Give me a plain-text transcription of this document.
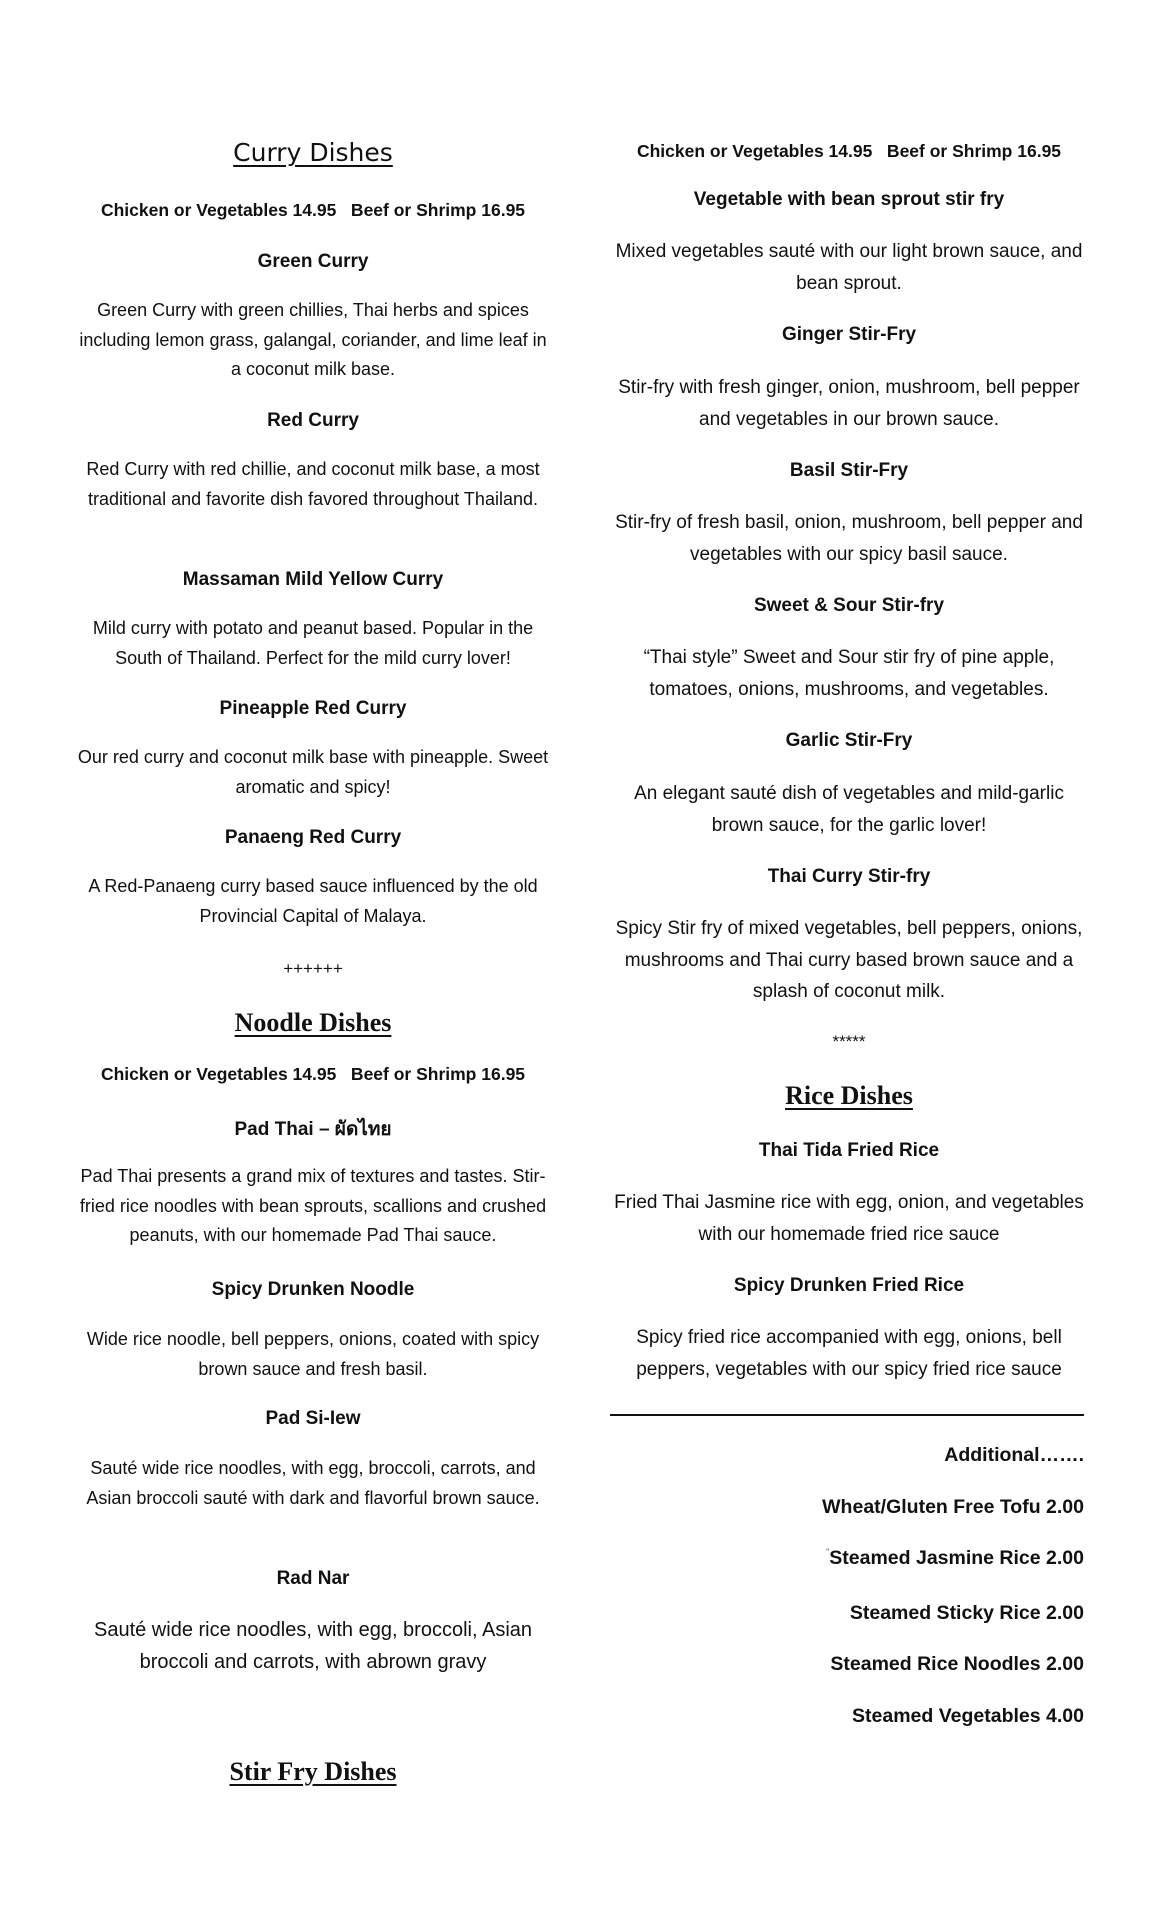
Curry Dishes

Chicken or Vegetables 14.95   Beef or Shrimp 16.95

Green Curry

Green Curry with green chillies, Thai herbs and spices including lemon grass, galangal, coriander, and lime leaf in a coconut milk base.

Red Curry

Red Curry with red chillie, and coconut milk base, a most traditional and favorite dish favored throughout Thailand.

Massaman Mild Yellow Curry

Mild curry with potato and peanut based. Popular in the South of Thailand. Perfect for the mild curry lover!

Pineapple Red Curry

Our red curry and coconut milk base with pineapple. Sweet aromatic and spicy!

Panaeng Red Curry

A Red-Panaeng curry based sauce influenced by the old Provincial Capital of Malaya.

++++++

Noodle Dishes

Chicken or Vegetables 14.95   Beef or Shrimp 16.95

Pad Thai – ผัดไทย

Pad Thai presents a grand mix of textures and tastes. Stir-fried rice noodles with bean sprouts, scallions and crushed peanuts, with our homemade Pad Thai sauce.

Spicy Drunken Noodle

Wide rice noodle, bell peppers, onions, coated with spicy brown sauce and fresh basil.

Pad Si-Iew

Sauté wide rice noodles, with egg, broccoli, carrots, and Asian broccoli sauté with dark and flavorful brown sauce.

Rad Nar

Sauté wide rice noodles, with egg, broccoli, Asian broccoli and carrots, with abrown gravy

Stir Fry Dishes

Chicken or Vegetables 14.95   Beef or Shrimp 16.95

Vegetable with bean sprout stir fry

Mixed vegetables sauté with our light brown sauce, and bean sprout.

Ginger Stir-Fry

Stir-fry with fresh ginger, onion, mushroom, bell pepper and vegetables in our brown sauce.

Basil Stir-Fry

Stir-fry of fresh basil, onion, mushroom, bell pepper and vegetables with our spicy basil sauce.

Sweet & Sour Stir-fry

“Thai style” Sweet and Sour stir fry of pine apple, tomatoes, onions, mushrooms, and vegetables.

Garlic Stir-Fry

An elegant sauté dish of vegetables and mild-garlic brown sauce, for the garlic lover!

Thai Curry Stir-fry

Spicy Stir fry of mixed vegetables, bell peppers, onions, mushrooms and Thai curry based brown sauce and a splash of coconut milk.

*****

Rice Dishes

Thai Tida Fried Rice

Fried Thai Jasmine rice with egg, onion, and vegetables with our homemade fried rice sauce

Spicy Drunken Fried Rice

Spicy fried rice accompanied with egg, onions, bell peppers, vegetables with our spicy fried rice sauce

Additional…….

Wheat/Gluten Free Tofu 2.00

"Steamed Jasmine Rice 2.00

Steamed Sticky Rice 2.00

Steamed Rice Noodles 2.00

Steamed Vegetables 4.00
